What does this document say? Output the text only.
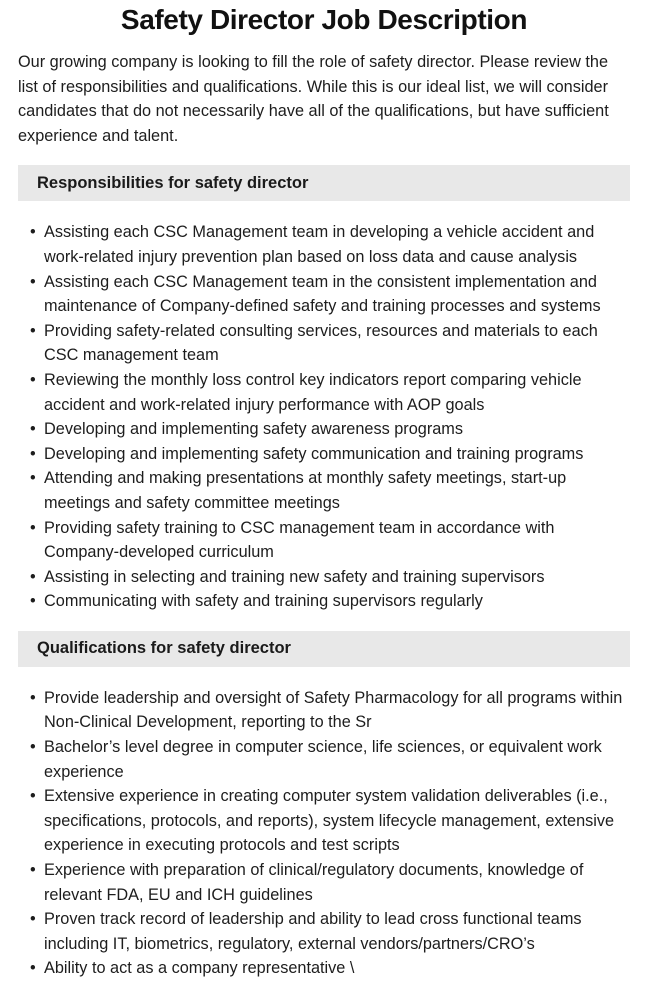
Safety Director Job Description

Our growing company is looking to fill the role of safety director. Please review the list of responsibilities and qualifications. While this is our ideal list, we will consider candidates that do not necessarily have all of the qualifications, but have sufficient experience and talent.

Responsibilities for safety director
• Assisting each CSC Management team in developing a vehicle accident and work-related injury prevention plan based on loss data and cause analysis
• Assisting each CSC Management team in the consistent implementation and maintenance of Company-defined safety and training processes and systems
• Providing safety-related consulting services, resources and materials to each CSC management team
• Reviewing the monthly loss control key indicators report comparing vehicle accident and work-related injury performance with AOP goals
• Developing and implementing safety awareness programs
• Developing and implementing safety communication and training programs
• Attending and making presentations at monthly safety meetings, start-up meetings and safety committee meetings
• Providing safety training to CSC management team in accordance with Company-developed curriculum
• Assisting in selecting and training new safety and training supervisors
• Communicating with safety and training supervisors regularly
Qualifications for safety director
• Provide leadership and oversight of Safety Pharmacology for all programs within Non-Clinical Development, reporting to the Sr
• Bachelor’s level degree in computer science, life sciences, or equivalent work experience
• Extensive experience in creating computer system validation deliverables (i.e., specifications, protocols, and reports), system lifecycle management, extensive experience in executing protocols and test scripts
• Experience with preparation of clinical/regulatory documents, knowledge of relevant FDA, EU and ICH guidelines
• Proven track record of leadership and ability to lead cross functional teams including IT, biometrics, regulatory, external vendors/partners/CRO’s
• Ability to act as a company representative \
